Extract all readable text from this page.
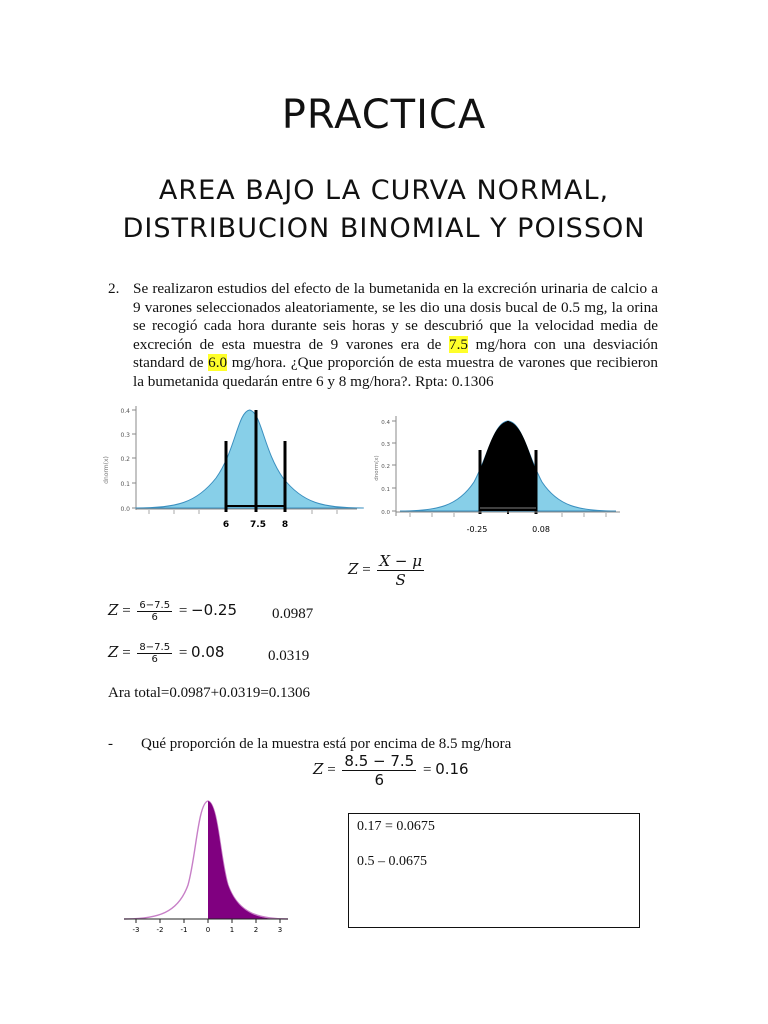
PRACTICA
AREA BAJO LA CURVA NORMAL,
DISTRIBUCION BINOMIAL Y POISSON
2. Se realizaron estudios del efecto de la bumetanida en la excreción urinaria de calcio a 9 varones seleccionados aleatoriamente, se les dio una dosis bucal de 0.5 mg, la orina se recogió cada hora durante seis horas y se descubrió que la velocidad media de excreción de esta muestra de 9 varones era de 7.5 mg/hora con una desviación standard de 6.0 mg/hora. ¿Que proporción de esta muestra de varones que recibieron la bumetanida quedarán entre 6 y 8 mg/hora?. Rpta: 0.1306
0.0
0.1
0.2
0.3
0.4
dnorm(x)
6 7.5 8
0.0
0.1
0.2
0.3
0.4
dnorm(x)
-0.25	0.08
$Z = \frac{X - \mu}{S}$
$Z = \frac{6-7.5}{6} = -0.25$ 0.0987
$Z = \frac{8-7.5}{6} = 0.08$	0.0319
Ara total=0.0987+0.0319=0.1306
- Qué proporción de la muestra está por encima de 8.5 mg/hora
$Z = \frac{8.5 - 7.5}{6} = 0.16$
-3 -2 -1	0	1	2	3

0.17 = 0.0675

0.5 – 0.0675
